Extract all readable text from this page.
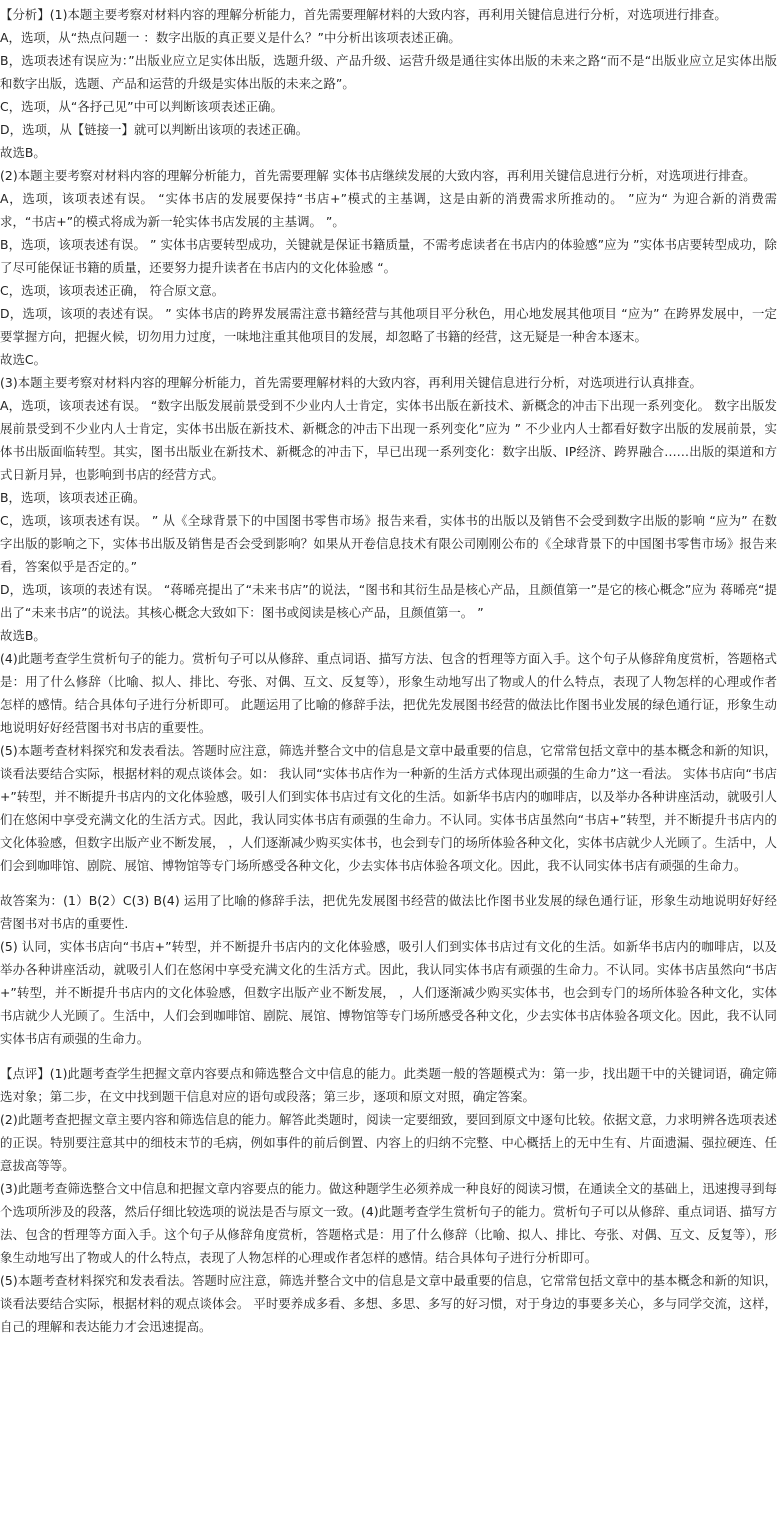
【分析】(1)本题主要考察对材料内容的理解分析能力，首先需要理解材料的大致内容，再利用关键信息进行分析，对选项进行排查。

A，选项，从“热点问题一 ：数字出版的真正要义是什么？”中分析出该项表述正确。

B，选项表述有误应为：”出版业应立足实体出版，选题升级、产品升级、运营升级是通往实体出版的未来之路“而不是“出版业应立足实体出版和数字出版，选题、产品和运营的升级是实体出版的未来之路”。

C，选项，从“各抒己见”中可以判断该项表述正确。

D，选项，从【链接一】就可以判断出该项的表述正确。

故选B。

(2)本题主要考察对材料内容的理解分析能力，首先需要理解 实体书店继续发展的大致内容，再利用关键信息进行分析，对选项进行排查。

A，选项，该项表述有误。 “实体书店的发展要保持“书店+”模式的主基调，这是由新的消费需求所推动的。 ”应为“ 为迎合新的消费需求，“书店+”的模式将成为新一轮实体书店发展的主基调。 ”。

B，选项，该项表述有误。 ” 实体书店要转型成功，关键就是保证书籍质量，不需考虑读者在书店内的体验感”应为 ”实体书店要转型成功，除了尽可能保证书籍的质量，还要努力提升读者在书店内的文化体验感 “。

C，选项，该项表述正确， 符合原文意。

D，选项，该项的表述有误。 ” 实体书店的跨界发展需注意书籍经营与其他项目平分秋色，用心地发展其他项目 “应为” 在跨界发展中，一定要掌握方向，把握火候，切勿用力过度，一味地注重其他项目的发展，却忽略了书籍的经营，这无疑是一种舍本逐末。

故选C。

(3)本题主要考察对材料内容的理解分析能力，首先需要理解材料的大致内容，再利用关键信息进行分析，对选项进行认真排查。

A，选项，该项表述有误。 “数字出版发展前景受到不少业内人士肯定，实体书出版在新技术、新概念的冲击下出现一系列变化。 数字出版发展前景受到不少业内人士肯定，实体书出版在新技术、新概念的冲击下出现一系列变化”应为 ” 不少业内人士都看好数字出版的发展前景，实体书出版面临转型。其实，图书出版业在新技术、新概念的冲击下，早已出现一系列变化：数字出版、IP经济、跨界融合……出版的渠道和方式日新月异，也影响到书店的经营方式。

B，选项，该项表述正确。

C，选项，该项表述有误。 ” 从《全球背景下的中国图书零售市场》报告来看，实体书的出版以及销售不会受到数字出版的影响 “应为” 在数字出版的影响之下，实体书出版及销售是否会受到影响？如果从开卷信息技术有限公司刚刚公布的《全球背景下的中国图书零售市场》报告来看，答案似乎是否定的。”

D，选项，该项的表述有误。 “蒋晞亮提出了“未来书店”的说法，“图书和其衍生品是核心产品，且颜值第一”是它的核心概念”应为 蒋晞亮“提出了“未来书店”的说法。其核心概念大致如下：图书或阅读是核心产品，且颜值第一。 ”

故选B。

(4)此题考查学生赏析句子的能力。赏析句子可以从修辞、重点词语、描写方法、包含的哲理等方面入手。这个句子从修辞角度赏析，答题格式是：用了什么修辞（比喻、拟人、排比、夸张、对偶、互文、反复等），形象生动地写出了物或人的什么特点，表现了人物怎样的心理或作者怎样的感情。结合具体句子进行分析即可。 此题运用了比喻的修辞手法，把优先发展图书经营的做法比作图书业发展的绿色通行证，形象生动地说明好好经营图书对书店的重要性。

(5)本题考查材料探究和发表看法。答题时应注意，筛选并整合文中的信息是文章中最重要的信息，它常常包括文章中的基本概念和新的知识，谈看法要结合实际，根据材料的观点谈体会。如： 我认同“实体书店作为一种新的生活方式体现出顽强的生命力”这一看法。 实体书店向“书店+”转型，并不断提升书店内的文化体验感，吸引人们到实体书店过有文化的生活。如新华书店内的咖啡店，以及举办各种讲座活动，就吸引人们在悠闲中享受充满文化的生活方式。因此，我认同实体书店有顽强的生命力。不认同。实体书店虽然向“书店+”转型，并不断提升书店内的文化体验感，但数字出版产业不断发展， ，人们逐渐减少购买实体书，也会到专门的场所体验各种文化，实体书店就少人光顾了。生活中，人们会到咖啡馆、剧院、展馆、博物馆等专门场所感受各种文化，少去实体书店体验各项文化。因此，我不认同实体书店有顽强的生命力。

故答案为：(1）B(2）C(3) B(4) 运用了比喻的修辞手法，把优先发展图书经营的做法比作图书业发展的绿色通行证，形象生动地说明好好经营图书对书店的重要性.

(5) 认同，实体书店向“书店+”转型，并不断提升书店内的文化体验感，吸引人们到实体书店过有文化的生活。如新华书店内的咖啡店，以及举办各种讲座活动，就吸引人们在悠闲中享受充满文化的生活方式。因此，我认同实体书店有顽强的生命力。不认同。实体书店虽然向“书店+”转型，并不断提升书店内的文化体验感，但数字出版产业不断发展， ，人们逐渐减少购买实体书，也会到专门的场所体验各种文化，实体书店就少人光顾了。生活中，人们会到咖啡馆、剧院、展馆、博物馆等专门场所感受各种文化，少去实体书店体验各项文化。因此，我不认同实体书店有顽强的生命力。

【点评】(1)此题考查学生把握文章内容要点和筛选整合文中信息的能力。此类题一般的答题模式为：第一步，找出题干中的关键词语，确定筛选对象；第二步，在文中找到题干信息对应的语句或段落；第三步，逐项和原文对照，确定答案。

(2)此题考查把握文章主要内容和筛选信息的能力。解答此类题时，阅读一定要细致，要回到原文中逐句比较。依据文意，力求明辨各选项表述的正误。特别要注意其中的细枝末节的毛病，例如事件的前后倒置、内容上的归纳不完整、中心概括上的无中生有、片面遗漏、强拉硬连、任意拔高等等。

(3)此题考查筛选整合文中信息和把握文章内容要点的能力。做这种题学生必须养成一种良好的阅读习惯，在通读全文的基础上，迅速搜寻到每个选项所涉及的段落，然后仔细比较选项的说法是否与原文一致。(4)此题考查学生赏析句子的能力。赏析句子可以从修辞、重点词语、描写方法、包含的哲理等方面入手。这个句子从修辞角度赏析，答题格式是：用了什么修辞（比喻、拟人、排比、夸张、对偶、互文、反复等），形象生动地写出了物或人的什么特点，表现了人物怎样的心理或作者怎样的感情。结合具体句子进行分析即可。

(5)本题考查材料探究和发表看法。答题时应注意，筛选并整合文中的信息是文章中最重要的信息，它常常包括文章中的基本概念和新的知识，谈看法要结合实际，根据材料的观点谈体会。 平时要养成多看、多想、多思、多写的好习惯，对于身边的事要多关心，多与同学交流，这样，自己的理解和表达能力才会迅速提高。
